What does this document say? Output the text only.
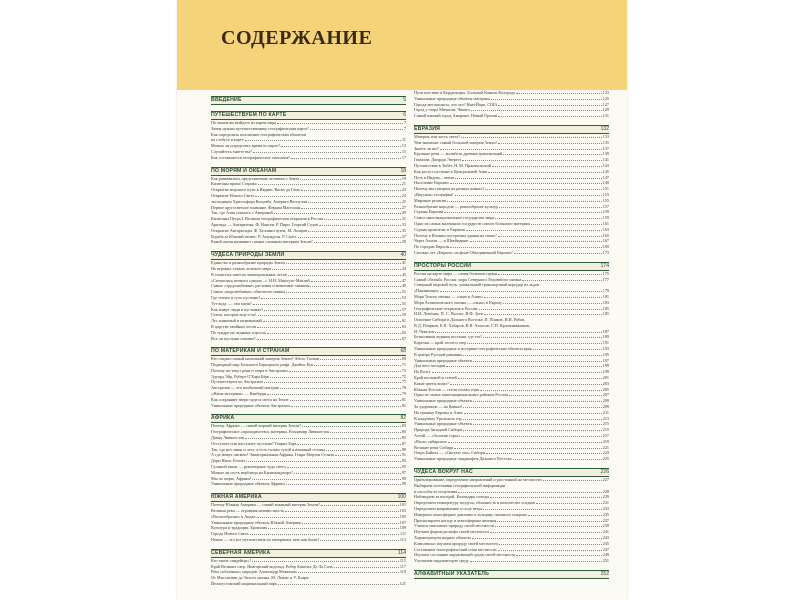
СОДЕРЖАНИЕ
ВВЕДЕНИЕ	5
ПУТЕШЕСТВУЕМ ПО КАРТЕ	6
По чинам вы выйдете из карты мира	7
Зачем нужны путешественнику географическая карта?	7
Как определить положение географических объектов
на глобусе и карте	11
Можно ли определить время по карте?	13
Случайтесь знаете вы?	15
Как составляется географическое описание?	17
ПО МОРЯМ И ОКЕАНАМ	18
Как развивались представления человека о Земле	19
Капитаны прямо Старика	21
Открытие морского пути в Индию. Васко да Гама	23
Открытие Нового Света	24
экспедиции Христофора Колумба. Америго Веспуччи	25
Первое кругосветное плавание. Фернан Магеллан	27
Так, где Азия сошлась с Америкой	29
Капитаны Петра I. Великая географическая открытия в России	31
Арктида — Антарктика. Ф. Нансен. Р. Пири. Георгий Седов	33
Открытие Антарктиды. Ф. Беллинсгаузен, М. Лазарев	35
Борьба за Южный полюс. Р. Амундсен. Р. Скотт	37
Какой океан называют самым сложным материка Земли?	39
ЧУДЕСА ПРИРОДЫ ЗЕМЛИ	40
Единство и разнообразие природы Земли	41
На верхних этажах зеленого мира	43
В тенистых завесах экваториальных лесов	45
«Спешилась вечного санума...». Н.Н. Миклухо-Маклай	47
Самые «трудолюбивые» растения и животные саванны	49
Самые «водолюбивые» обитатели саванн	51
Где теплее и сухо пустыни?	53
Тут вода, — там мили!	55
Как живут люди в пустынях?	57
Степи, которые еще есть!	59
Лес знакомый и незнакомый	61
В царстве хвойных лесов	63
По тундре на ледяных торосах	65
Все ли пустыни похожи?	67
ПО МАТЕРИКАМ И СТРАНАМ	68
Кто открыл самый маленький материк Земли? Абель Тасман	69
Подводный мир Большого Барьерного рифа. Джеймс Кук	71
Почему же текут реки и озера в Австралии	73
Эдуард Эйр, Роберт О'Хара Бёрк	75
Путешествуем по Австралии	77
Австралия — это необычный материк	78
«Жили-истерики» — Канберра	79
Как сохраняют звери чудеса света на Земле	81
Уникальные природные объекты Австралии	81
АФРИКА	82
Почему Африка — самый жаркий материк Земли?	83
Географическое «проходимство» материка. Владимир Ливингстон	85
Давид Ливингстон	85
Отступает или наступает пустыня? Генрих Барт	87
Так, где нет зимы и лета, а есть только сухой и влажный сезоны	89
А где живут пигмеи? Экваториальная Африка. Генри Мортон Стэнли	91
Дары Нила. Египет	93
Сухиной закон — рукотворное чудо света	95
Можно ли сесть верблюда на Килиманджаро?	97
Мы по морю, Африка!	99
Уникальные природные объекты Африки	99
ЮЖНАЯ АМЕРИКА	100
Почему Южная Америка — самый влажный материк Земли?	101
Великая река — огромная неизвестность	103
«Воскообразно» в Андах	105
Уникальные природные объекты Южной Америки	107
Культура и традиции. Бразилия	109
Города Нового Света	111
Новые — это все путешествия по материкам, кем они были?	113
СЕВЕРНАЯ АМЕРИКА	114
Кто такие «индейцы»?	115
Край Великих озер. Ниагарский водопад. Робер Кавелье Де Ла Саль	117
Река «облачных» народов. Александр Маккензи	119
От Миссисипи до Тихого океана. М. Льюис и У. Кларк.
Йеллоустонский национальный парк	121
Пути шествие в Кордильеры. Большой Каньон Колорадо	123
Уникальные природные объекты материка	125
Города-мегаполисы, что это? Нью-Йорк. США	127
Город у озера Мичиган. Чикаго	129
Самый южный город Америки. Новый Орлеан	131
ЕВРАЗИЯ	132
Материк или часть света?	133
Чем знаменит самый большой материк Земли?	135
Знаете ли вы?	137
Крупные реки — колыбель древних цивилизаций	139
Гималаи. Джордж Эверест	141
Путешествие в Тибет. Н. М. Пржевальский	143
Как растут пустыни в Центральной Азии	145
Путь в Индию... земли	147
Население Евразии	149
Почему мы говорим на разных языках?	151
«Вкусная» география!	153
Мировые религии	155
Разнообразие народов — разнообразие культур	157
Страны Евразии	159
Самое многонациональное государство мира	159
Одно из самых маленьких государств самого большого материка	161
Страна-архипелаг в Евразии	163
Почему в Японии построены здания на сваях?	165
Через Альпы — в Швейцарию	167
По городам Европы	169
Сколько лет «Европе» на фоне Объединенной Европы?	173
ПРОСТОРЫ РОССИИ	174
Россия на карте мира — самая большая страна	175
Самый «белый» Россия: моря Северного Ледовитого океана	177
Северный морской путь: уникальный транспортный коридор из льдов.
«Папанинцы»	179
Моря Тихого океана — «окно в Азию»	181
Моря Атлантического океана — «окно» в Европу	183
Географические открытия в России.	185
И.И. Лепёхин, П. С. Паллас, В.Ф. Зуев	185
Освоение Сибири и Дальнего Востока. П. Пояков, И.И. Рябов,
В.Д. Поярков, Е.П. Хабаров, В.В. Атласов, С.П. Крашенинников,
И. Чекалов	187
Безмолвная ледяная пустыня: где это?	189
Карелия — край лесов и озер	191
Уникальные природные и историко-географические объекты края	193
В центре Русской равнины	195
Уникальные природные объекты	197
Для чего посадки	199
На Волгу	199
Край песчаной и степей	201
Какие цветы возят?	203
Южная Россия — степи только горы	205
Один из самых многонациональных районов России	207
Уникальные природные объекты	209
За здоровьем — на Кавказ!	209
На границе Европы и Азии	211
В кладовых Уральских гор	213
Уникальные природные объекты	215
Природа Западной Сибири	215
Алтай — «Золотые горы»	217
«Вала» сибирских	219
Великие реки Сибири	221
Озеро Байкал — «Светлое око» Сибири	223
Уникальные природные ландшафты Дальнего Востока	225
ЧУДЕСА ВОКРУГ НАС	226
Ориентирование, определение направлений и расстояний на местности	227
Выбираем источники географической информации
и способы ее получения	228
Наблюдаем за погодой. Календарь погоды	229
Определяем температуру воздуха, облачность и количество осадков	231
Определяем направление и силу ветра	233
Измеряем атмосферное давление и толщину снежного покрова	235
Прогнозируем погоду и атмосферные явления	237
Учимся описывать природу своей местности	239
Изучаем формы рельефа своей местности	241
Характеризуем водные объекты	243
Комплексно изучаем природу своей местности	245
Составляем топографический план местности	247
Изучаем состояние окружающей среды своей местности	249
Улучшаем окружающую среду	251
АЛФАВИТНЫЙ УКАЗАТЕЛЬ	252
